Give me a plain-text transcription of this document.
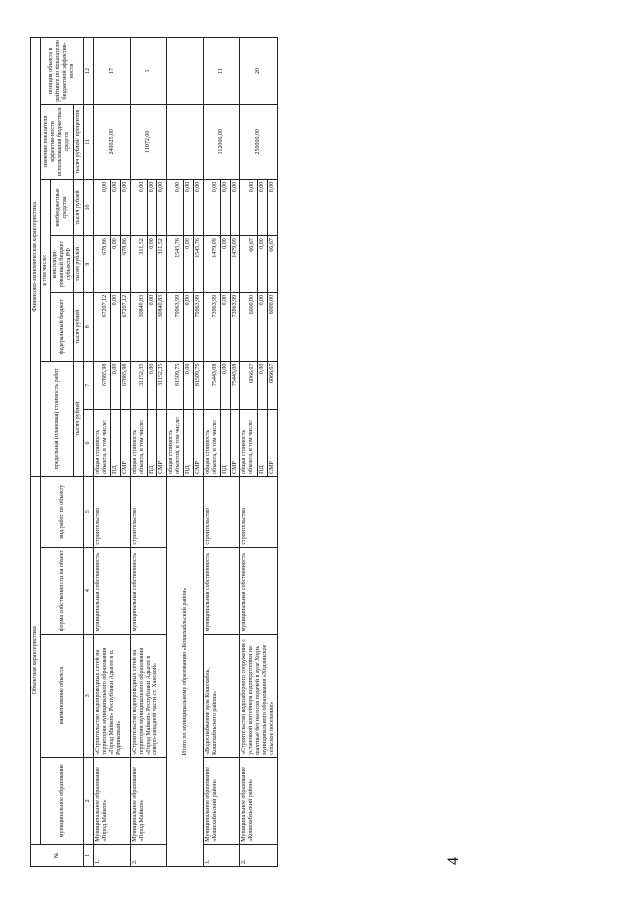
4
№	Объектная характеристика				Финансово-экономическая характеристика						
	муниципальное образование	наименование объекта	форма собственности на объект	вид работ по объекту	предельная (плановая) стоимость работ		в том числе:			значение показателя эффектив-ности использования бюджетных средств	позиция объекта в рейтинге по показателю бюджетной эффектив-ности
							федеральный бюджет	консолиди-рованный бюджет субъекта РФ	внебюджетные средства		
					тысяч рублей		тысяч рублей	тысяч рублей	тысяч рублей	тысяч рублей/ процентов	
1	2	3	4	5	6	7	8	9	10	11	12
1.	Муниципальное образование «Город Майкоп»	«Строительство водопроводных сетей на территории муниципального образования «Город Майкоп» Республики Адыгея в п. Родниковый»	муниципальная собственность	строительство	общая стоимость объекта, в том числе:	67885,98	67207,12	678,86	0,00	240025,00	17
					ПД	0,00	0,00	0,00	0,00		
					СМР	67885,98	67207,12	678,86	0,00		
2.	Муниципальное образование «Город Майкоп»	«Строительство водопроводных сетей на территории муниципального образования «Город Майкоп» Республики Адыгея в северо-западной части ст. Ханской»	муниципальная собственность	строительство	общая стоимость объекта, в том числе:	31152,35	30840,83	311,52	0,00	11072,00	1
					ПД	0,00	0,00	0,00	0,00		
					СМР	31152,35	30840,83	311,52	0,00		
Итого по муниципальному образованию «Кошехабльский район»					общая стоимость объектов, в том числе:	81509,75	79963,99	1545,76	0,00		
					ПД	0,00	0,00	0,00	0,00		
					СМР	81509,75	79963,99	1545,76	0,00		
1.	Муниципальное образование «Кошехабльский район»	«Водоснабжение аула Кошехабль, Кошехабльского района»	муниципальная собственность	строительство	общая стоимость объекта, в том числе:	75443,08	73963,99	1479,09	0,00	112066,00	11
					ПД	0,00	0,00	0,00	0,00		
					СМР	75443,08	73963,99	1479,09	0,00		
2.	Муниципальное образование «Кошехабльский район»	«Строительство водозаборного сооружения с установкой контейнера водоподготовки на шахтные без насосов подачей в ауле Ходзь муниципального образования «Ходзинское сельское поселение»	муниципальная собственность	строительство	общая стоимость объекта, в том числе:	6066,67	6000,00	66,67	0,00	250000,00	20
					ПД	0,00	0,00	0,00	0,00		
					СМР	6066,67	6000,00	66,67	0,00		
